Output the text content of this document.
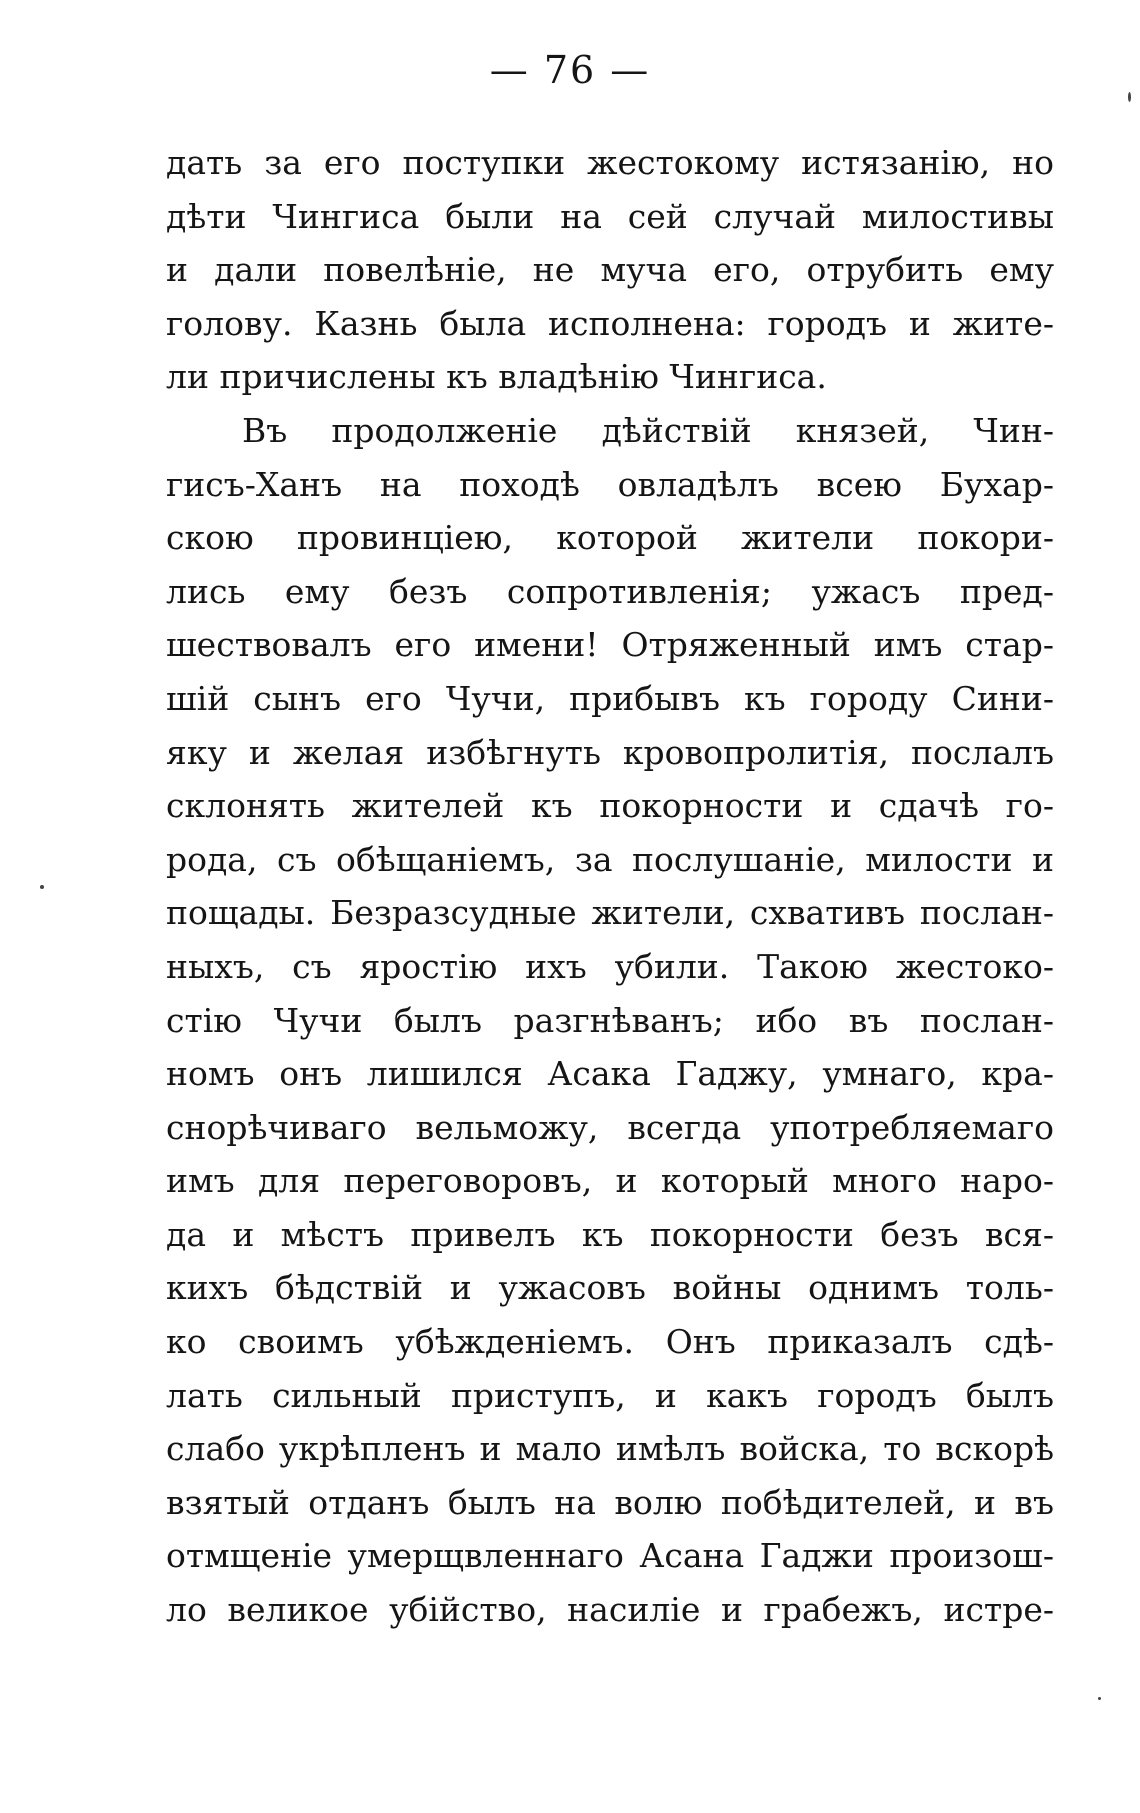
— 76 —
дать за его поступки жестокому истязанію, но
дѣти Чингиса были на сей случай милостивы
и дали повелѣніе, не муча его, отрубить ему
голову. Казнь была исполнена: городъ и жите-
ли причислены къ владѣнію Чингиса.
Въ продолженіе дѣйствій князей, Чин-
гисъ-Ханъ на походѣ овладѣлъ всею Бухар-
скою провинціею, которой жители покори-
лись ему безъ сопротивленія; ужасъ пред-
шествовалъ его имени! Отряженный имъ стар-
шій сынъ его Чучи, прибывъ къ городу Сини-
яку и желая избѣгнуть кровопролитія, послалъ
склонять жителей къ покорности и сдачѣ го-
рода, съ обѣщаніемъ, за послушаніе, милости и
пощады. Безразсудные жители, схвативъ послан-
ныхъ, съ яростію ихъ убили. Такою жестоко-
стію Чучи былъ разгнѣванъ; ибо въ послан-
номъ онъ лишился Асака Гаджу, умнаго, кра-
снорѣчиваго вельможу, всегда употребляемаго
имъ для переговоровъ, и который много наро-
да и мѣстъ привелъ къ покорности безъ вся-
кихъ бѣдствій и ужасовъ войны однимъ толь-
ко своимъ убѣжденіемъ. Онъ приказалъ сдѣ-
лать сильный приступъ, и какъ городъ былъ
слабо укрѣпленъ и мало имѣлъ войска, то вскорѣ
взятый отданъ былъ на волю побѣдителей, и въ
отмщеніе умерщвленнаго Асана Гаджи произош-
ло великое убійство, насиліе и грабежъ, истре-
